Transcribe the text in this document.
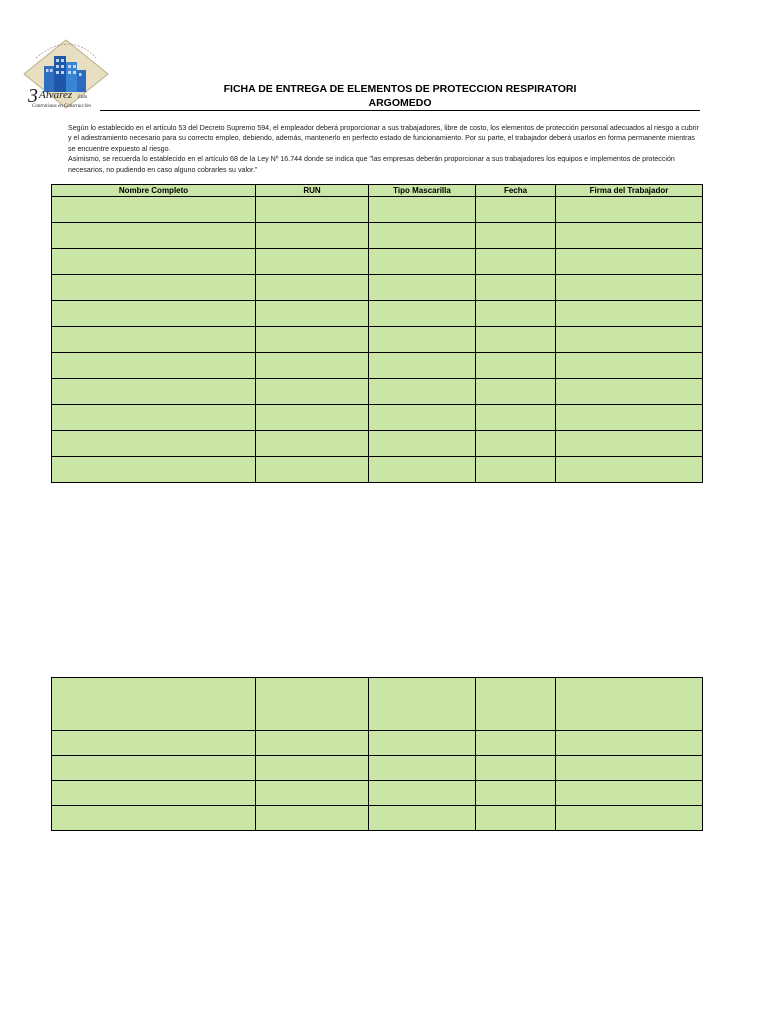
3 Alvarez Ltda
Contratistas en Construcción
FICHA DE ENTREGA DE ELEMENTOS DE PROTECCION RESPIRATORI
ARGOMEDO

Según lo establecido en el artículo 53 del Decreto Supremo 594, el empleador deberá proporcionar a sus trabajadores, libre de costo, los elementos de protección personal adecuados al riesgo a cubrir y el adiestramiento necesario para su correcto empleo, debiendo, además, mantenerlo en perfecto estado de funcionamiento. Por su parte, el trabajador deberá usarlos en forma permanente mientras se encuentre expuesto al riesgo.

Asimismo, se recuerda lo establecido en el artículo 68 de la Ley Nº 16.744 donde se indica que "las empresas deberán proporcionar a sus trabajadores los equipos e implementos de protección necesarios, no pudiendo en caso alguno cobrarles su valor."

Nombre Completo	RUN	Tipo Mascarilla	Fecha	Firma del Trabajador
